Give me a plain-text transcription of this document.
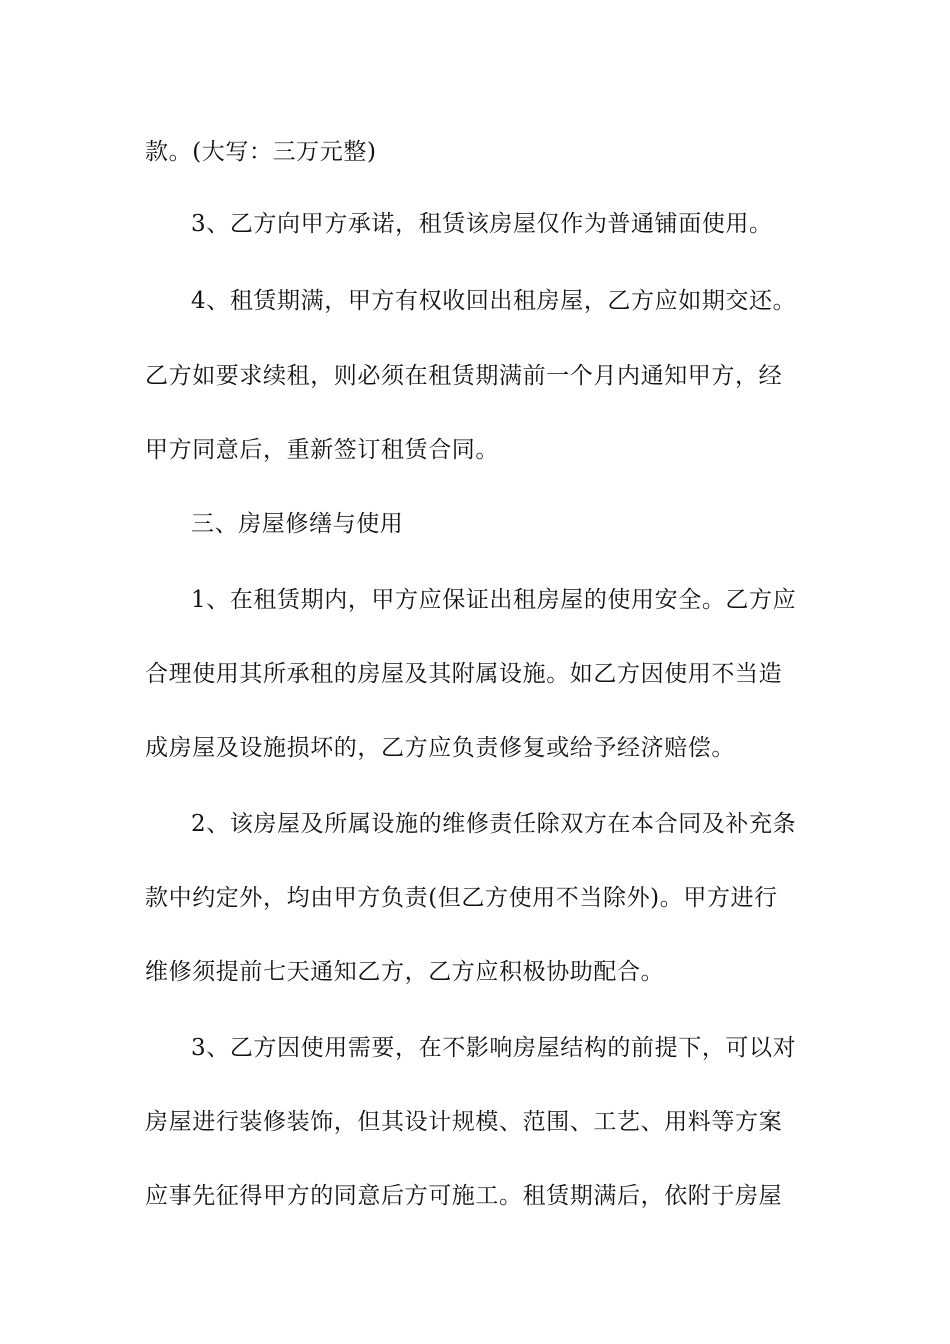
款。(大写：三万元整)
3、乙方向甲方承诺，租赁该房屋仅作为普通铺面使用。
4、租赁期满，甲方有权收回出租房屋，乙方应如期交还。
乙方如要求续租，则必须在租赁期满前一个月内通知甲方，经
甲方同意后，重新签订租赁合同。
三、房屋修缮与使用
1、在租赁期内，甲方应保证出租房屋的使用安全。乙方应
合理使用其所承租的房屋及其附属设施。如乙方因使用不当造
成房屋及设施损坏的，乙方应负责修复或给予经济赔偿。
2、该房屋及所属设施的维修责任除双方在本合同及补充条
款中约定外，均由甲方负责(但乙方使用不当除外)。甲方进行
维修须提前七天通知乙方，乙方应积极协助配合。
3、乙方因使用需要，在不影响房屋结构的前提下，可以对
房屋进行装修装饰，但其设计规模、范围、工艺、用料等方案
应事先征得甲方的同意后方可施工。租赁期满后，依附于房屋
